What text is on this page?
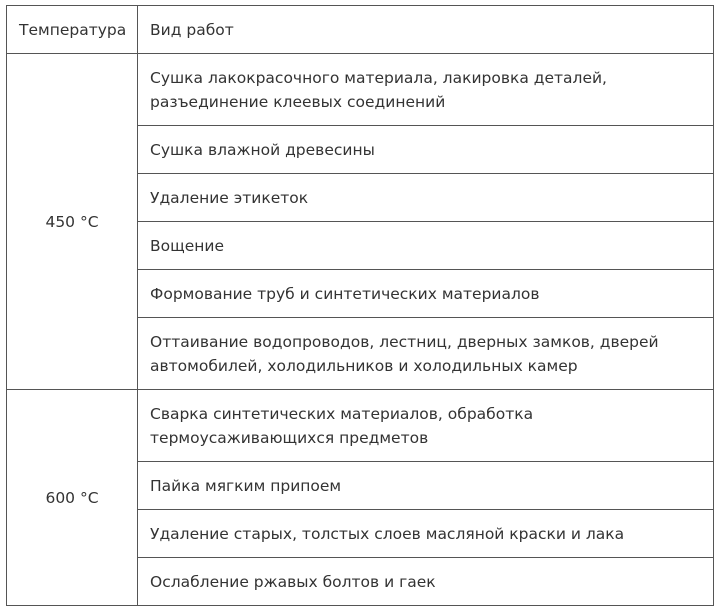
Температура	Вид работ
450 °C	Сушка лакокрасочного материала, лакировка деталей, разъединение клеевых соединений
	Сушка влажной древесины
	Удаление этикеток
	Вощение
	Формование труб и синтетических материалов
	Оттаивание водопроводов, лестниц, дверных замков, дверей автомобилей, холодильников и холодильных камер
600 °C	Сварка синтетических материалов, обработка термоусаживающихся предметов
	Пайка мягким припоем
	Удаление старых, толстых слоев масляной краски и лака
	Ослабление ржавых болтов и гаек
